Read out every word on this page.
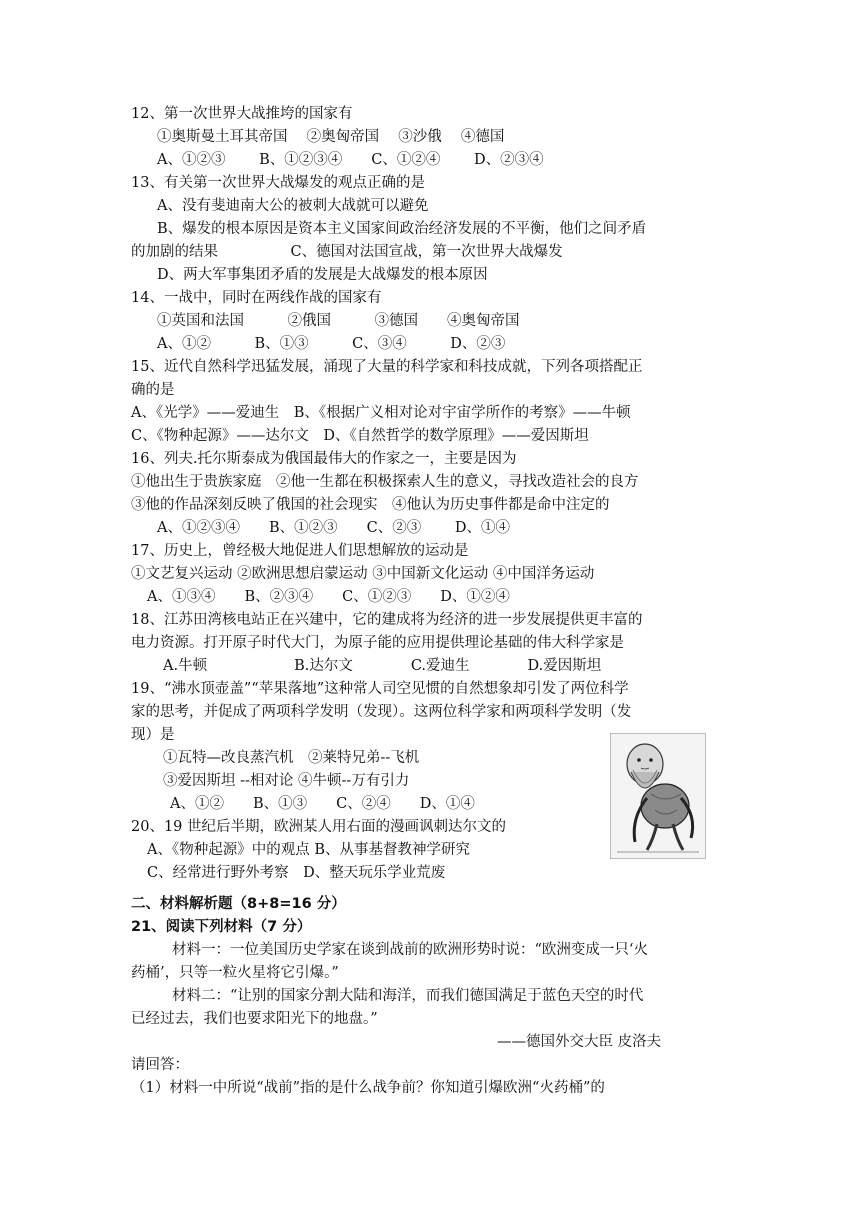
12、第一次世界大战推垮的国家有
①奥斯曼土耳其帝国　 ②奥匈帝国　 ③沙俄　 ④德国
A、①②③　　 B、①②③④　　C、①②④　　 D、②③④
13、有关第一次世界大战爆发的观点正确的是
A、没有斐迪南大公的被刺大战就可以避免
B、爆发的根本原因是资本主义国家间政治经济发展的不平衡，他们之间矛盾
的加剧的结果　　　　　C、德国对法国宣战，第一次世界大战爆发
D、两大军事集团矛盾的发展是大战爆发的根本原因
14、一战中，同时在两线作战的国家有
①英国和法国　　　②俄国　　　③德国　　④奥匈帝国
A、①②　　　B、①③　　　C、③④　　　D、②③
15、近代自然科学迅猛发展，涌现了大量的科学家和科技成就，下列各项搭配正
确的是
A、《光学》——爱迪生　B、《根据广义相对论对宇宙学所作的考察》——牛顿
C、《物种起源》——达尔文　D、《自然哲学的数学原理》——爱因斯坦
16、列夫.托尔斯泰成为俄国最伟大的作家之一，主要是因为
①他出生于贵族家庭　②他一生都在积极探索人生的意义，寻找改造社会的良方
③他的作品深刻反映了俄国的社会现实　④他认为历史事件都是命中注定的
A、①②③④　　B、①②③　　C、②③　　 D、①④
17、历史上，曾经极大地促进人们思想解放的运动是
①文艺复兴运动 ②欧洲思想启蒙运动 ③中国新文化运动 ④中国洋务运动
A、①③④　　B、②③④　　C、①②③　　D、①②④
18、江苏田湾核电站正在兴建中，它的建成将为经济的进一步发展提供更丰富的
电力资源。打开原子时代大门，为原子能的应用提供理论基础的伟大科学家是
A.牛顿　　　　　　B.达尔文　　　　C.爱迪生　　　　D.爱因斯坦
19、“沸水顶壶盖”“苹果落地”这种常人司空见惯的自然想象却引发了两位科学
家的思考，并促成了两项科学发明（发现）。这两位科学家和两项科学发明（发
现）是
①瓦特—改良蒸汽机　②莱特兄弟--飞机
③爱因斯坦 --相对论 ④牛顿--万有引力
A、①②　　B、①③　　C、②④　　D、①④
20、19 世纪后半期，欧洲某人用右面的漫画讽刺达尔文的
A、《物种起源》中的观点 B、从事基督教神学研究
C、经常进行野外考察　D、整天玩乐学业荒废
二、材料解析题（8+8=16 分）
21、阅读下列材料（7 分）
材料一：一位美国历史学家在谈到战前的欧洲形势时说：“欧洲变成一只‘火
药桶’，只等一粒火星将它引爆。”
材料二：“让别的国家分割大陆和海洋，而我们德国满足于蓝色天空的时代
已经过去，我们也要求阳光下的地盘。”
——德国外交大臣 皮洛夫
请回答：
（1）材料一中所说“战前”指的是什么战争前？你知道引爆欧洲“火药桶”的
